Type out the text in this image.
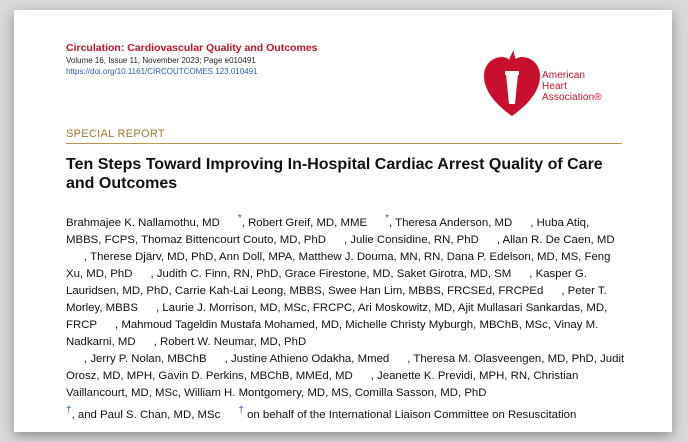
Circulation: Cardiovascular Quality and Outcomes
Volume 16, Issue 11, November 2023; Page e010491
https://doi.org/10.1161/CIRCOUTCOMES.123.010491	American
Heart
Association®
SPECIAL REPORT
Ten Steps Toward Improving In-Hospital Cardiac Arrest Quality of Care and Outcomes
Brahmajee K. Nallamothu, MD *, Robert Greif, MD, MME *, Theresa Anderson, MD , Huba Atiq, MBBS, FCPS, Thomaz Bittencourt Couto, MD, PhD , Julie Considine, RN, PhD , Allan R. De Caen, MD, Therese Djärv, MD, PhD, Ann Doll, MPA, Matthew J. Douma, MN, RN, Dana P. Edelson, MD, MS, Feng Xu, MD, PhD , Judith C. Finn, RN, PhD, Grace Firestone, MD, Saket Girotra, MD, SM , Kasper G. Lauridsen, MD, PhD, Carrie Kah-Lai Leong, MBBS, Swee Han Lim, MBBS, FRCSEd, FRCPEd , Peter T. Morley, MBBS , Laurie J. Morrison, MD, MSc, FRCPC, Ari Moskowitz, MD, Ajit Mullasari Sankardas, MD, FRCP , Mahmoud Tageldin Mustafa Mohamed, MD, Michelle Christy Myburgh, MBChB, MSc, Vinay M. Nadkarni, MD , Robert W. Neumar, MD, PhD
, Jerry P. Nolan, MBChB , Justine Athieno Odakha, Mmed , Theresa M. Olasveengen, MD, PhD, Judit Orosz, MD, MPH, Gavin D. Perkins, MBChB, MMEd, MD , Jeanette K. Previdi, MPH, RN, Christian Vaillancourt, MD, MSc, William H. Montgomery, MD, MS, Comilla Sasson, MD, PhD
†, and Paul S. Chan, MD, MSc † on behalf of the International Liaison Committee on Resuscitation
